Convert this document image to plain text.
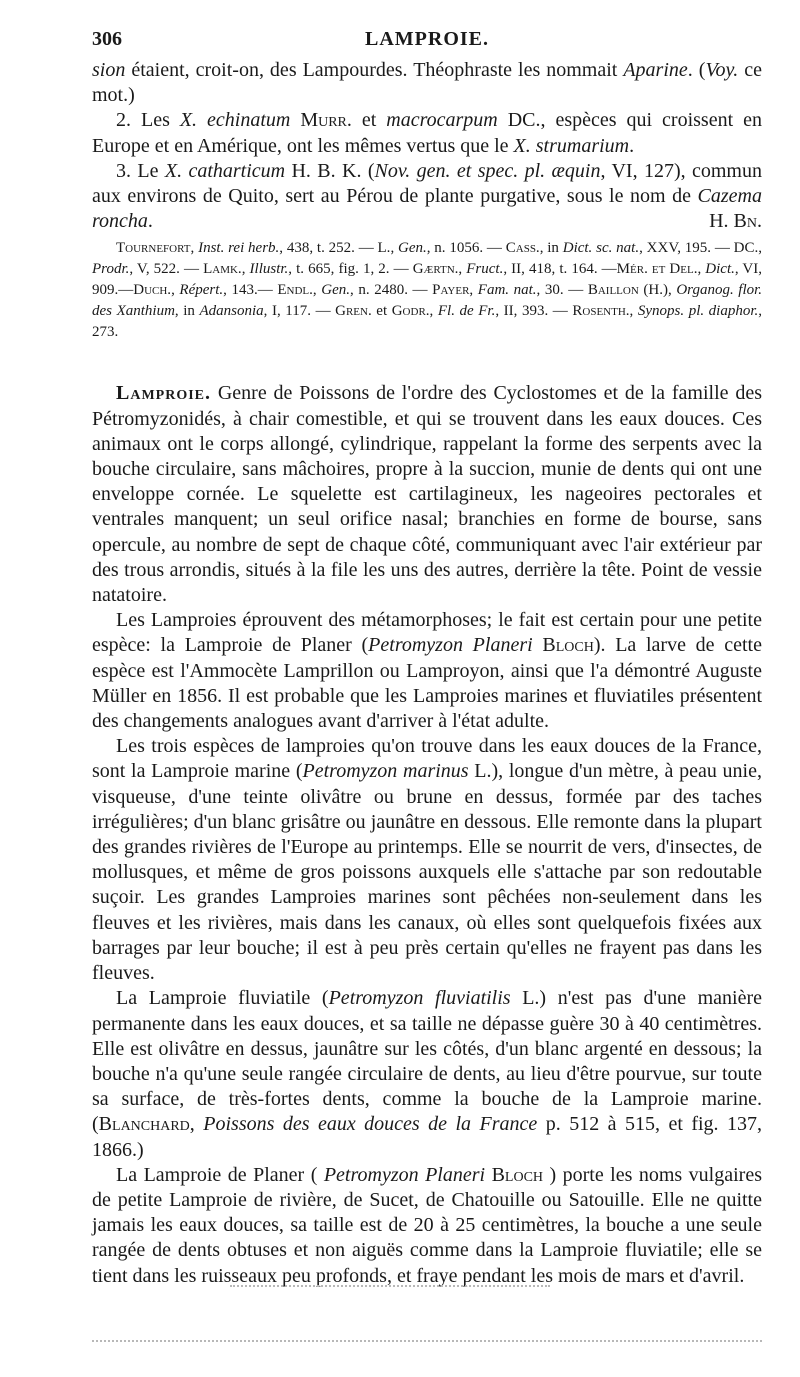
306	LAMPROIE.

sion étaient, croit-on, des Lampourdes. Théophraste les nommait Aparine. (Voy. ce mot.)

2. Les X. echinatum Murr. et macrocarpum DC., espèces qui croissent en Europe et en Amérique, ont les mêmes vertus que le X. strumarium.

3. Le X. catharticum H. B. K. (Nov. gen. et spec. pl. æquin, VI, 127), commun aux environs de Quito, sert au Pérou de plante purgative, sous le nom de Cazema roncha.	H. Bn.

Tournefort, Inst. rei herb., 438, t. 252. — L., Gen., n. 1056. — Cass., in Dict. sc. nat., XXV, 195. — DC., Prodr., V, 522. — Lamk., Illustr., t. 665, fig. 1, 2. — Gærtn., Fruct., II, 418, t. 164. —Mér. et Del., Dict., VI, 909.—Duch., Répert., 143.— Endl., Gen., n. 2480. — Payer, Fam. nat., 30. — Baillon (H.), Organog. flor. des Xanthium, in Adansonia, I, 117. — Gren. et Godr., Fl. de Fr., II, 393. — Rosenth., Synops. pl. diaphor., 273.

Lamproie. Genre de Poissons de l'ordre des Cyclostomes et de la famille des Pétromyzonidés, à chair comestible, et qui se trouvent dans les eaux douces. Ces animaux ont le corps allongé, cylindrique, rappelant la forme des serpents avec la bouche circulaire, sans mâchoires, propre à la succion, munie de dents qui ont une enveloppe cornée. Le squelette est cartilagineux, les nageoires pectorales et ventrales manquent; un seul orifice nasal; branchies en forme de bourse, sans opercule, au nombre de sept de chaque côté, communiquant avec l'air extérieur par des trous arrondis, situés à la file les uns des autres, derrière la tête. Point de vessie natatoire.

Les Lamproies éprouvent des métamorphoses; le fait est certain pour une petite espèce: la Lamproie de Planer (Petromyzon Planeri Bloch). La larve de cette espèce est l'Ammocète Lamprillon ou Lamproyon, ainsi que l'a démontré Auguste Müller en 1856. Il est probable que les Lamproies marines et fluviatiles présentent des changements analogues avant d'arriver à l'état adulte.

Les trois espèces de lamproies qu'on trouve dans les eaux douces de la France, sont la Lamproie marine (Petromyzon marinus L.), longue d'un mètre, à peau unie, visqueuse, d'une teinte olivâtre ou brune en dessus, formée par des taches irrégulières; d'un blanc grisâtre ou jaunâtre en dessous. Elle remonte dans la plupart des grandes rivières de l'Europe au printemps. Elle se nourrit de vers, d'insectes, de mollusques, et même de gros poissons auxquels elle s'attache par son redoutable suçoir. Les grandes Lamproies marines sont pêchées non-seulement dans les fleuves et les rivières, mais dans les canaux, où elles sont quelquefois fixées aux barrages par leur bouche; il est à peu près certain qu'elles ne frayent pas dans les fleuves.

La Lamproie fluviatile (Petromyzon fluviatilis L.) n'est pas d'une manière permanente dans les eaux douces, et sa taille ne dépasse guère 30 à 40 centimètres. Elle est olivâtre en dessus, jaunâtre sur les côtés, d'un blanc argenté en dessous; la bouche n'a qu'une seule rangée circulaire de dents, au lieu d'être pourvue, sur toute sa surface, de très-fortes dents, comme la bouche de la Lamproie marine. (Blanchard, Poissons des eaux douces de la France p. 512 à 515, et fig. 137, 1866.)

La Lamproie de Planer ( Petromyzon Planeri Bloch ) porte les noms vulgaires de petite Lamproie de rivière, de Sucet, de Chatouille ou Satouille. Elle ne quitte jamais les eaux douces, sa taille est de 20 à 25 centimètres, la bouche a une seule rangée de dents obtuses et non aiguës comme dans la Lamproie fluviatile; elle se tient dans les ruisseaux peu profonds, et fraye pendant les mois de mars et d'avril.
